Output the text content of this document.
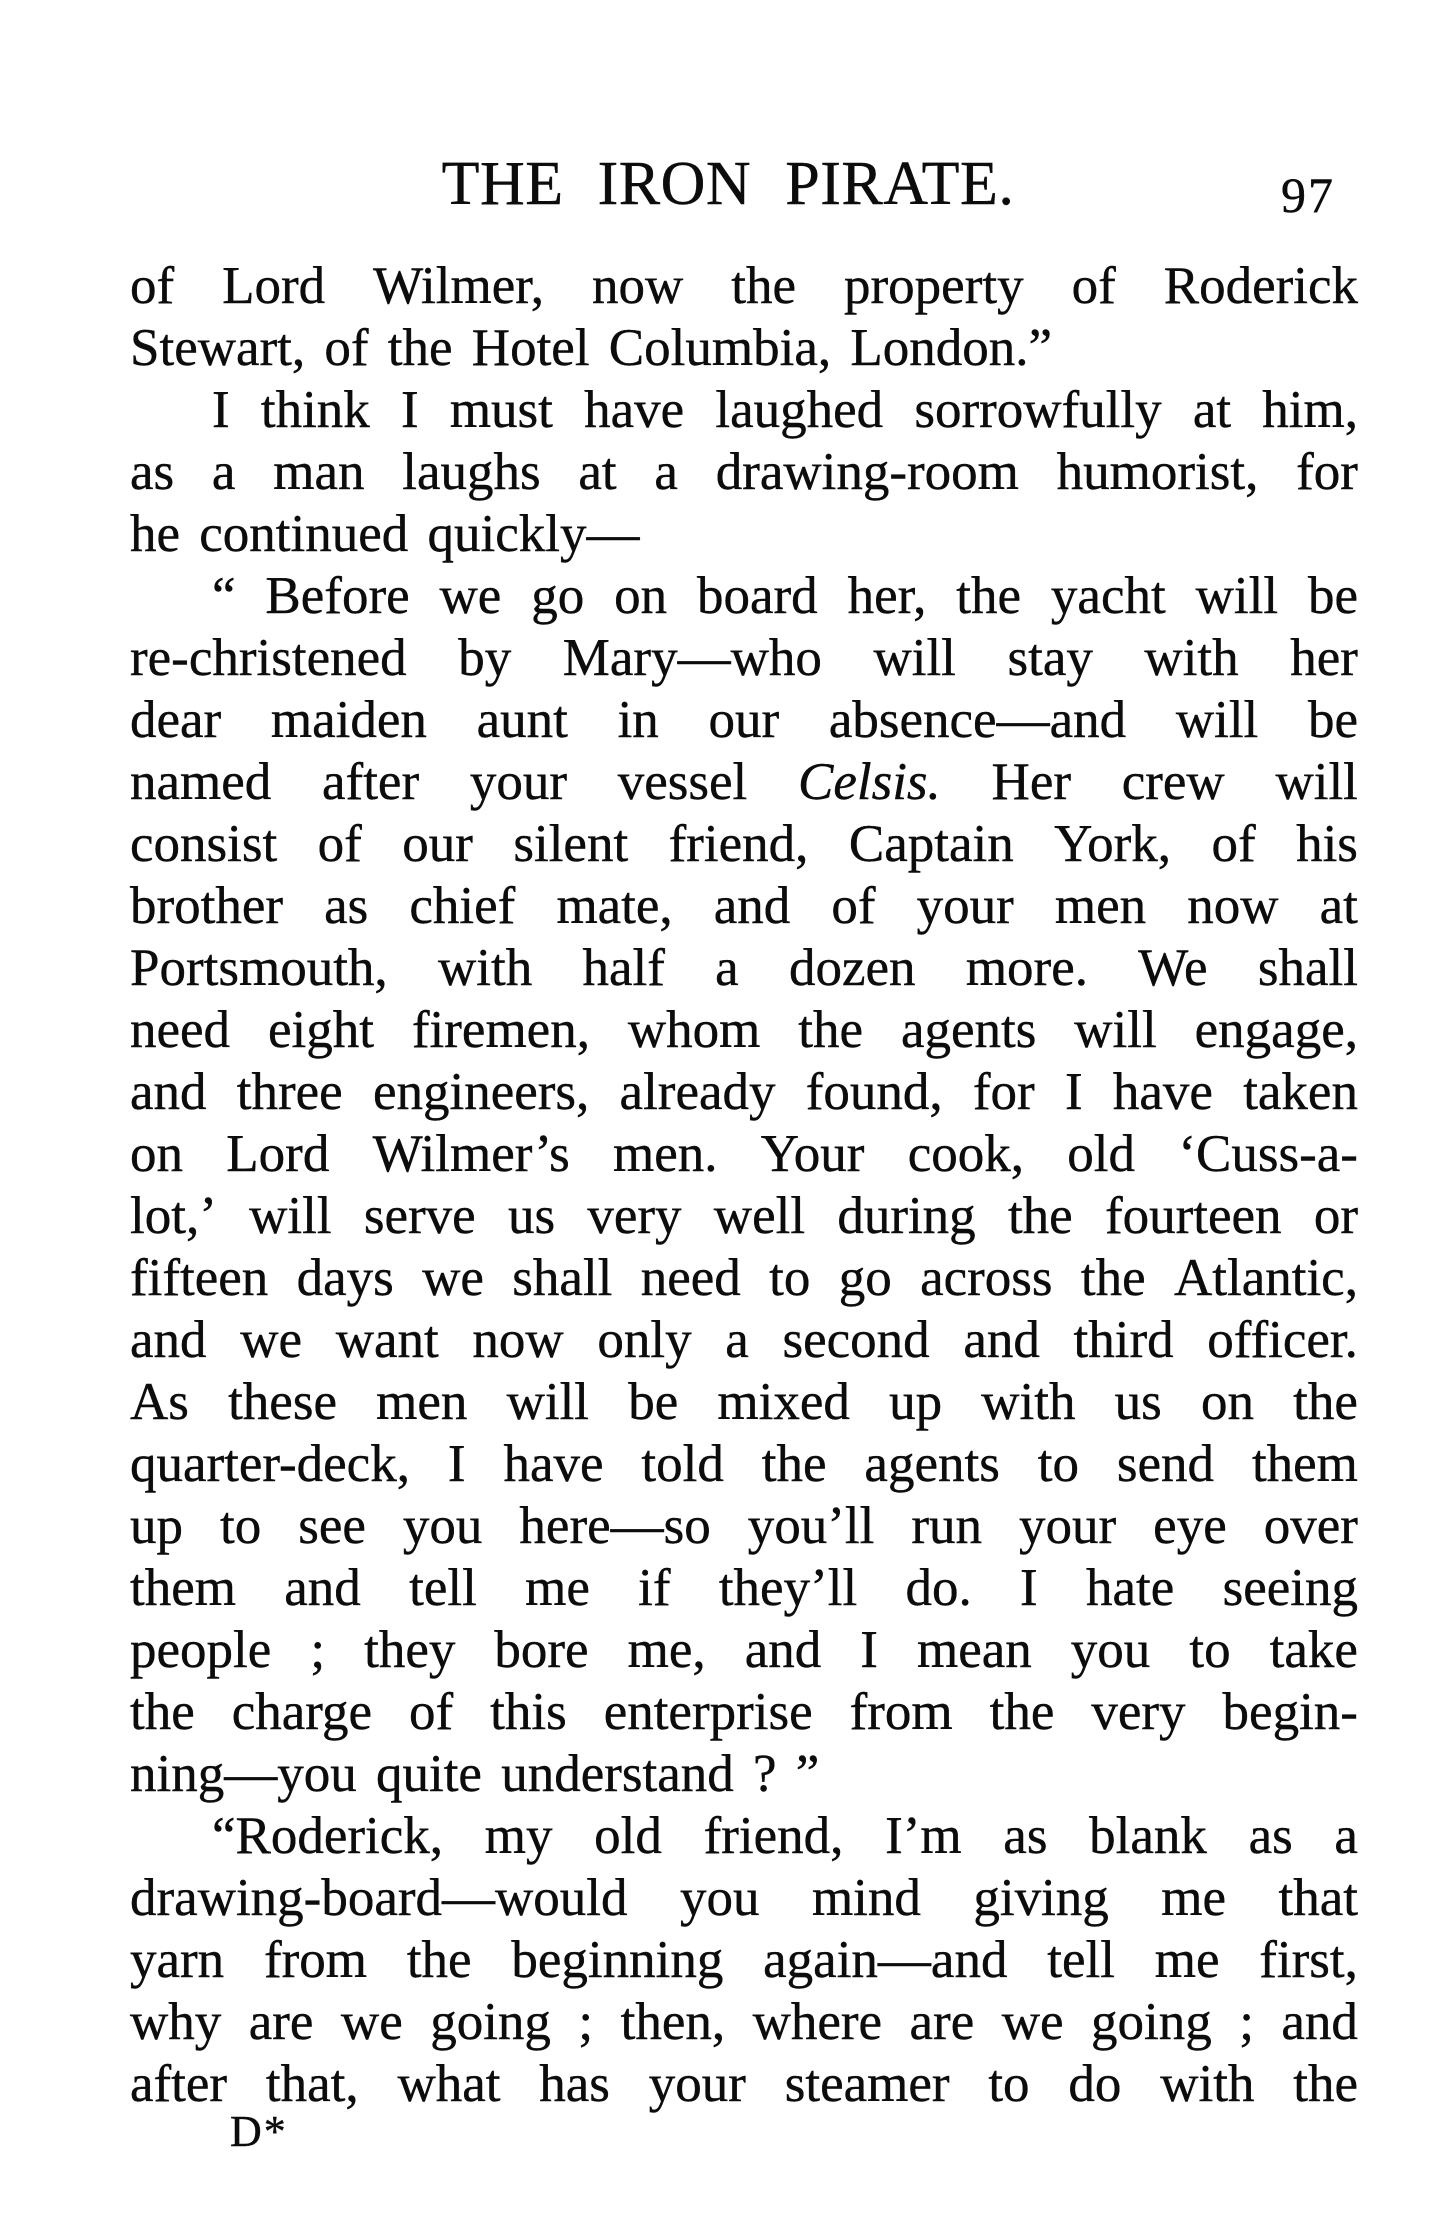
THE IRON PIRATE.	97
of Lord Wilmer, now the property of Roderick
Stewart, of the Hotel Columbia, London.”
I think I must have laughed sorrowfully at him,
as a man laughs at a drawing-room humorist, for
he continued quickly—
“ Before we go on board her, the yacht will be
re-christened by Mary—who will stay with her
dear maiden aunt in our absence—and will be
named after your vessel Celsis. Her crew will
consist of our silent friend, Captain York, of his
brother as chief mate, and of your men now at
Portsmouth, with half a dozen more. We shall
need eight firemen, whom the agents will engage,
and three engineers, already found, for I have taken
on Lord Wilmer’s men. Your cook, old ‘Cuss-a-
lot,’ will serve us very well during the fourteen or
fifteen days we shall need to go across the Atlantic,
and we want now only a second and third officer.
As these men will be mixed up with us on the
quarter-deck, I have told the agents to send them
up to see you here—so you’ll run your eye over
them and tell me if they’ll do. I hate seeing
people ; they bore me, and I mean you to take
the charge of this enterprise from the very begin-
ning—you quite understand ? ”
“Roderick, my old friend, I’m as blank as a
drawing-board—would you mind giving me that
yarn from the beginning again—and tell me first,
why are we going ; then, where are we going ; and
after that, what has your steamer to do with the
D*
